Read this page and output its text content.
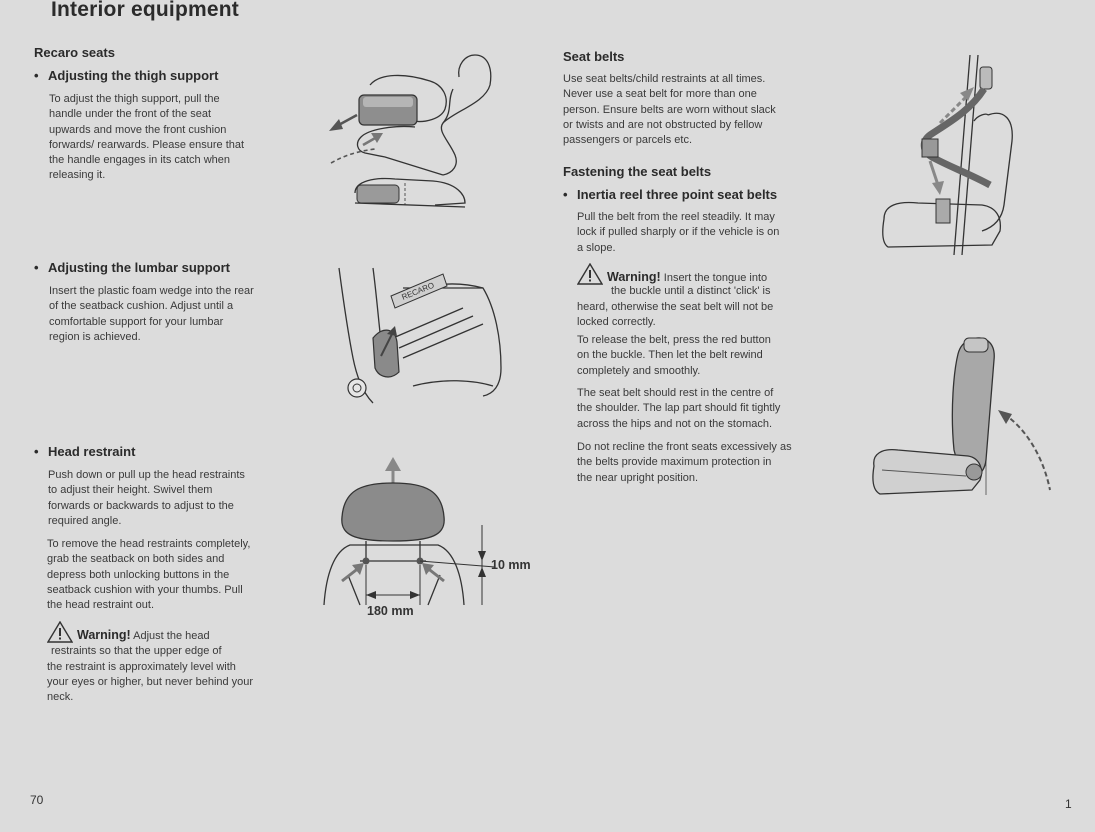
Interior equipment
Recaro seats
• Adjusting the thigh support
To adjust the thigh support, pull the
handle under the front of the seat
upwards and move the front cushion
forwards/ rearwards. Please ensure that
the handle engages in its catch when
releasing it.
• Adjusting the lumbar support
Insert the plastic foam wedge into the rear
of the seatback cushion. Adjust until a
comfortable support for your lumbar
region is achieved.
• Head restraint
Push down or pull up the head restraints
to adjust their height. Swivel them
forwards or backwards to adjust to the
required angle.
To remove the head restraints completely,
grab the seatback on both sides and
depress both unlocking buttons in the
seatback cushion with your thumbs. Pull
the head restraint out.
Warning! Adjust the head
restraints so that the upper edge of
the restraint is approximately level with
your eyes or higher, but never behind your
neck.
RECARO
10 mm
180 mm
70
Seat belts
Use seat belts/child restraints at all times.
Never use a seat belt for more than one
person. Ensure belts are worn without slack
or twists and are not obstructed by fellow
passengers or parcels etc.
Fastening the seat belts
• Inertia reel three point seat belts
Pull the belt from the reel steadily. It may
lock if pulled sharply or if the vehicle is on
a slope.
Warning! Insert the tongue into
the buckle until a distinct 'click' is
heard, otherwise the seat belt will not be
locked correctly.
To release the belt, press the red button
on the buckle. Then let the belt rewind
completely and smoothly.
The seat belt should rest in the centre of
the shoulder. The lap part should fit tightly
across the hips and not on the stomach.
Do not recline the front seats excessively as
the belts provide maximum protection in
the near upright position.
1
